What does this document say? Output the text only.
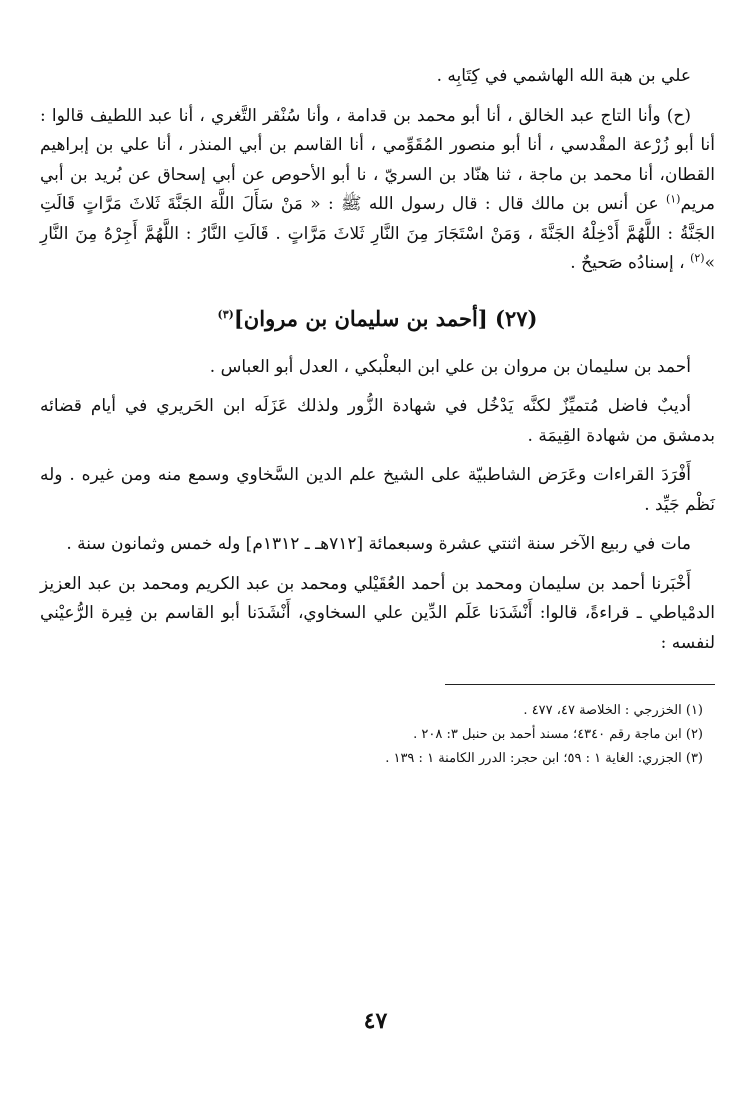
علي بن هبة الله الهاشمي في كِتَابِه .

(ح) وأنا التاج عبد الخالق ، أنا أبو محمد بن قدامة ، وأنا سُنْقر التَّغري ، أنا عبد اللطيف قالوا : أنا أبو زُرْعة المقْدسي ، أنا أبو منصور المُقَوِّمي ، أنا القاسم بن أبي المنذر ، أنا علي بن إبراهيم القطان، أنا محمد بن ماجة ، ثنا هنّاد بن السريّ ، نا أبو الأحوص عن أبي إسحاق عن بُريد بن أبي مريم$^{(١)}$ عن أنس بن مالك قال : قال رسول الله ﷺ : « مَنْ سَأَلَ اللَّهَ الجَنَّةَ ثَلاثَ مَرَّاتٍ قَالَتِ الجَنَّةُ : اللَّهُمَّ أَدْخِلْهُ الجَنَّةَ ، وَمَنْ اسْتَجَارَ مِنَ النَّارِ ثَلاثَ مَرَّاتٍ . قَالَتِ النَّارُ : اللَّهُمَّ أَجِرْهُ مِنَ النَّارِ »$^{(٢)}$ ، إسنادُه صَحيحٌ .

(٢٧) [أحمد بن سليمان بن مروان]$^{(٣)}$

أحمد بن سليمان بن مروان بن علي ابن البعلْبكي ، العدل أبو العباس .

أديبٌ فاضل مُتميِّزٌ لكنَّه يَدْخُل في شهادة الزُّور ولذلك عَزَلَه ابن الحَريري في أيام قضائه بدمشق من شهادة القِيمَة .

أَفْرَدَ القراءات وعَرَض الشاطبيّة على الشيخ علم الدين السَّخاوي وسمع منه ومن غيره . وله نَظْم جَيِّد .

مات في ربيع الآخر سنة اثنتي عشرة وسبعمائة [٧١٢هـ ـ ١٣١٢م] وله خمس وثمانون سنة .

أَخْبَرنا أحمد بن سليمان ومحمد بن أحمد العُقَيْلي ومحمد بن عبد الكريم ومحمد بن عبد العزيز الدمْياطي ـ قراءةً، قالوا: أَنْشَدَنا عَلَم الدِّين علي السخاوي، أَنْشَدَنا أبو القاسم بن فِيرة الرُّعيْني لنفسه :

(١) الخزرجي : الخلاصة ٤٧، ٤٧٧ .

(٢) ابن ماجة رقم ٤٣٤٠؛ مسند أحمد بن حنبل ٣: ٢٠٨ .

(٣) الجزري: الغاية ١ : ٥٩؛ ابن حجر: الدرر الكامنة ١ : ١٣٩ .

٤٧
